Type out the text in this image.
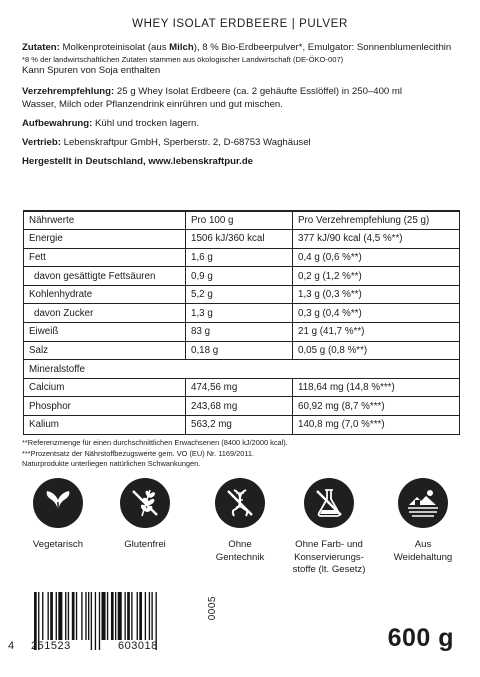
WHEY ISOLAT ERDBEERE | PULVER
Zutaten: Molkenproteinisolat (aus Milch), 8 % Bio-Erdbeerpulver*, Emulgator: Sonnenblumenlecithin
*8 % der landwirtschaftlichen Zutaten stammen aus ökologischer Landwirtschaft (DE-ÖKO-007)
Kann Spuren von Soja enthalten
Verzehrempfehlung: 25 g Whey Isolat Erdbeere (ca. 2 gehäufte Esslöffel) in 250–400 ml
Wasser, Milch oder Pflanzendrink einrühren und gut mischen.
Aufbewahrung: Kühl und trocken lagern.
Vertrieb: Lebenskraftpur GmbH, Sperberstr. 2, D-68753 Waghäusel
Hergestellt in Deutschland, www.lebenskraftpur.de
Nährwerte	Pro 100 g	Pro Verzehrempfehlung (25 g)
Energie	1506 kJ/360 kcal	377 kJ/90 kcal (4,5 %**)
Fett	1,6 g	0,4 g (0,6 %**)
davon gesättigte Fettsäuren	0,9 g	0,2 g (1,2 %**)
Kohlenhydrate	5,2 g	1,3 g (0,3 %**)
davon Zucker	1,3 g	0,3 g (0,4 %**)
Eiweiß	83 g	21 g (41,7 %**)
Salz	0,18 g	0,05 g (0,8 %**)
Mineralstoffe		
Calcium	474,56 mg	118,64 mg (14,8 %***)
Phosphor	243,68 mg	60,92 mg (8,7 %***)
Kalium	563,2 mg	140,8 mg (7,0 %***)
**Referenzmenge für einen durchschnittlichen Erwachsenen (8400 kJ/2000 kcal).
***Prozentsatz der Nährstoffbezugswerte gem. VO (EU) Nr. 1169/2011.
Naturprodukte unterliegen natürlichen Schwankungen.
Vegetarisch	Glutenfrei	Ohne
Gentechnik
Ohne Farb- und
Konservierungs-
stoffe (lt. Gesetz)
Aus
Weidehaltung
4 251523	603018
0005
600 g
